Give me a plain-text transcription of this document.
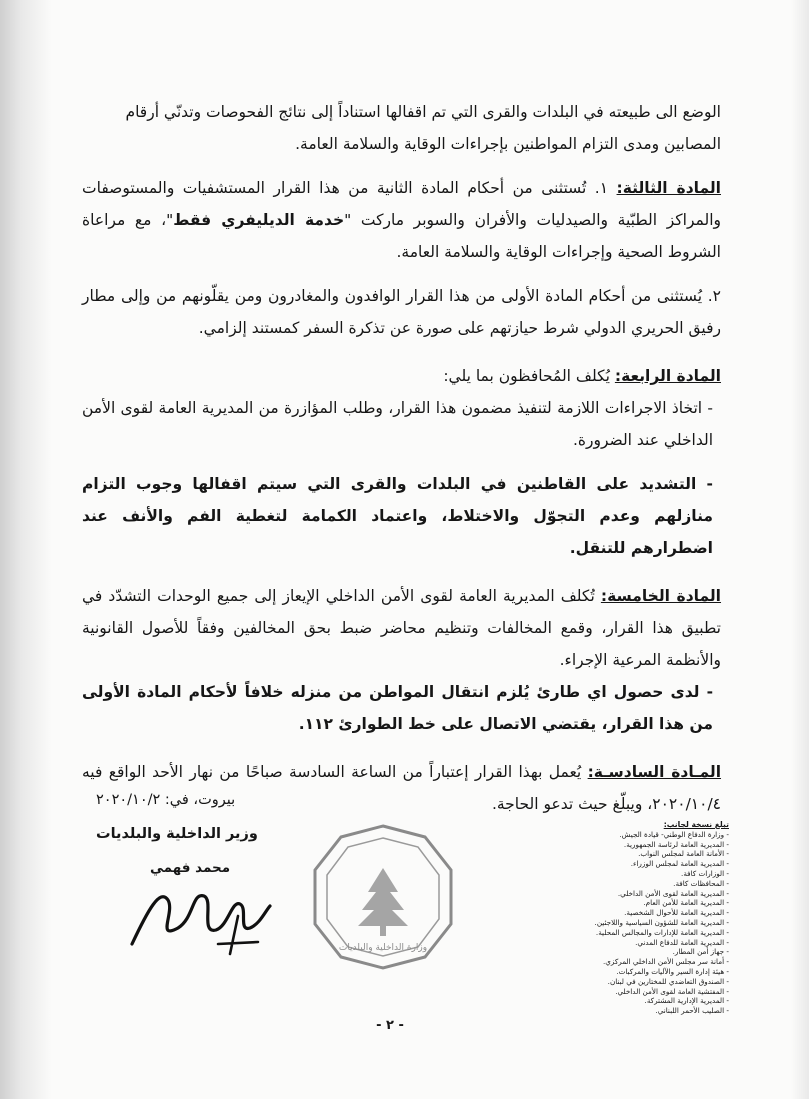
الوضع الى طبيعته في البلدات والقرى التي تم اقفالها استناداً إلى نتائج الفحوصات وتدنّي أرقام

المصابين ومدى التزام المواطنين بإجراءات الوقاية والسلامة العامة.

المادة الثالثة: ١. تُستثنى من أحكام المادة الثانية من هذا القرار المستشفيات والمستوصفات والمراكز الطبّية والصيدليات والأفران والسوبر ماركت "خدمة الديليفري فقط"، مع مراعاة الشروط الصحية وإجراءات الوقاية والسلامة العامة.

٢. يُستثنى من أحكام المادة الأولى من هذا القرار الوافدون والمغادرون ومن يقلّونهم من وإلى مطار رفيق الحريري الدولي شرط حيازتهم على صورة عن تذكرة السفر كمستند إلزامي.

المادة الرابعة: يُكلف المُحافظون بما يلي:

- اتخاذ الاجراءات اللازمة لتنفيذ مضمون هذا القرار، وطلب المؤازرة من المديرية العامة لقوى الأمن الداخلي عند الضرورة.

- التشديد على القاطنين في البلدات والقرى التي سيتم اقفالها وجوب التزام منازلهم وعدم التجوّل والاختلاط، واعتماد الكمامة لتغطية الفم والأنف عند اضطرارهم للتنقل.

المادة الخامسة: تُكلف المديرية العامة لقوى الأمن الداخلي الإيعاز إلى جميع الوحدات التشدّد في تطبيق هذا القرار، وقمع المخالفات وتنظيم محاضر ضبط بحق المخالفين وفقاً للأصول القانونية والأنظمة المرعية الإجراء.

- لدى حصول اي طارئ يُلزم انتقال المواطن من منزله خلافاً لأحكام المادة الأولى من هذا القرار، يقتضي الاتصال على خط الطوارئ ١١٢.

المـادة السادسـة: يُعمل بهذا القرار إعتباراً من الساعة السادسة صباحًا من نهار الأحد الواقع فيه ٢٠٢٠/١٠/٤، ويبلّغ حيث تدعو الحاجة.

بيروت، في: ٢٠٢٠/١٠/٢
وزير الداخلية والبلديات
محمد فهمي
وزارة الداخلية والبلديات
تبلغ نسخة لجانب:
- وزارة الدفاع الوطني- قيادة الجيش.
- المديرية العامة لرئاسة الجمهورية.
- الأمانة العامة لمجلس النواب.
- المديرية العامة لمجلس الوزراء.
- الوزارات كافة.
- المحافظات كافة.
- المديرية العامة لقوى الأمن الداخلي.
- المديرية العامة للأمن العام.
- المديرية العامة للأحوال الشخصية.
- المديرية العامة للشؤون السياسية واللاجئين.
- المديرية العامة للإدارات والمجالس المحلية.
- المديرية العامة للدفاع المدني.
- جهاز أمن المطار.
- أمانة سر مجلس الأمن الداخلي المركزي.
- هيئة إدارة السير والآليات والمركبات.
- الصندوق التعاضدي للمختارين في لبنان.
- المفتشية العامة لقوى الأمن الداخلي.
- المديرية الإدارية المشتركة.
- الصليب الأحمر اللبناني.
- ٢ -
